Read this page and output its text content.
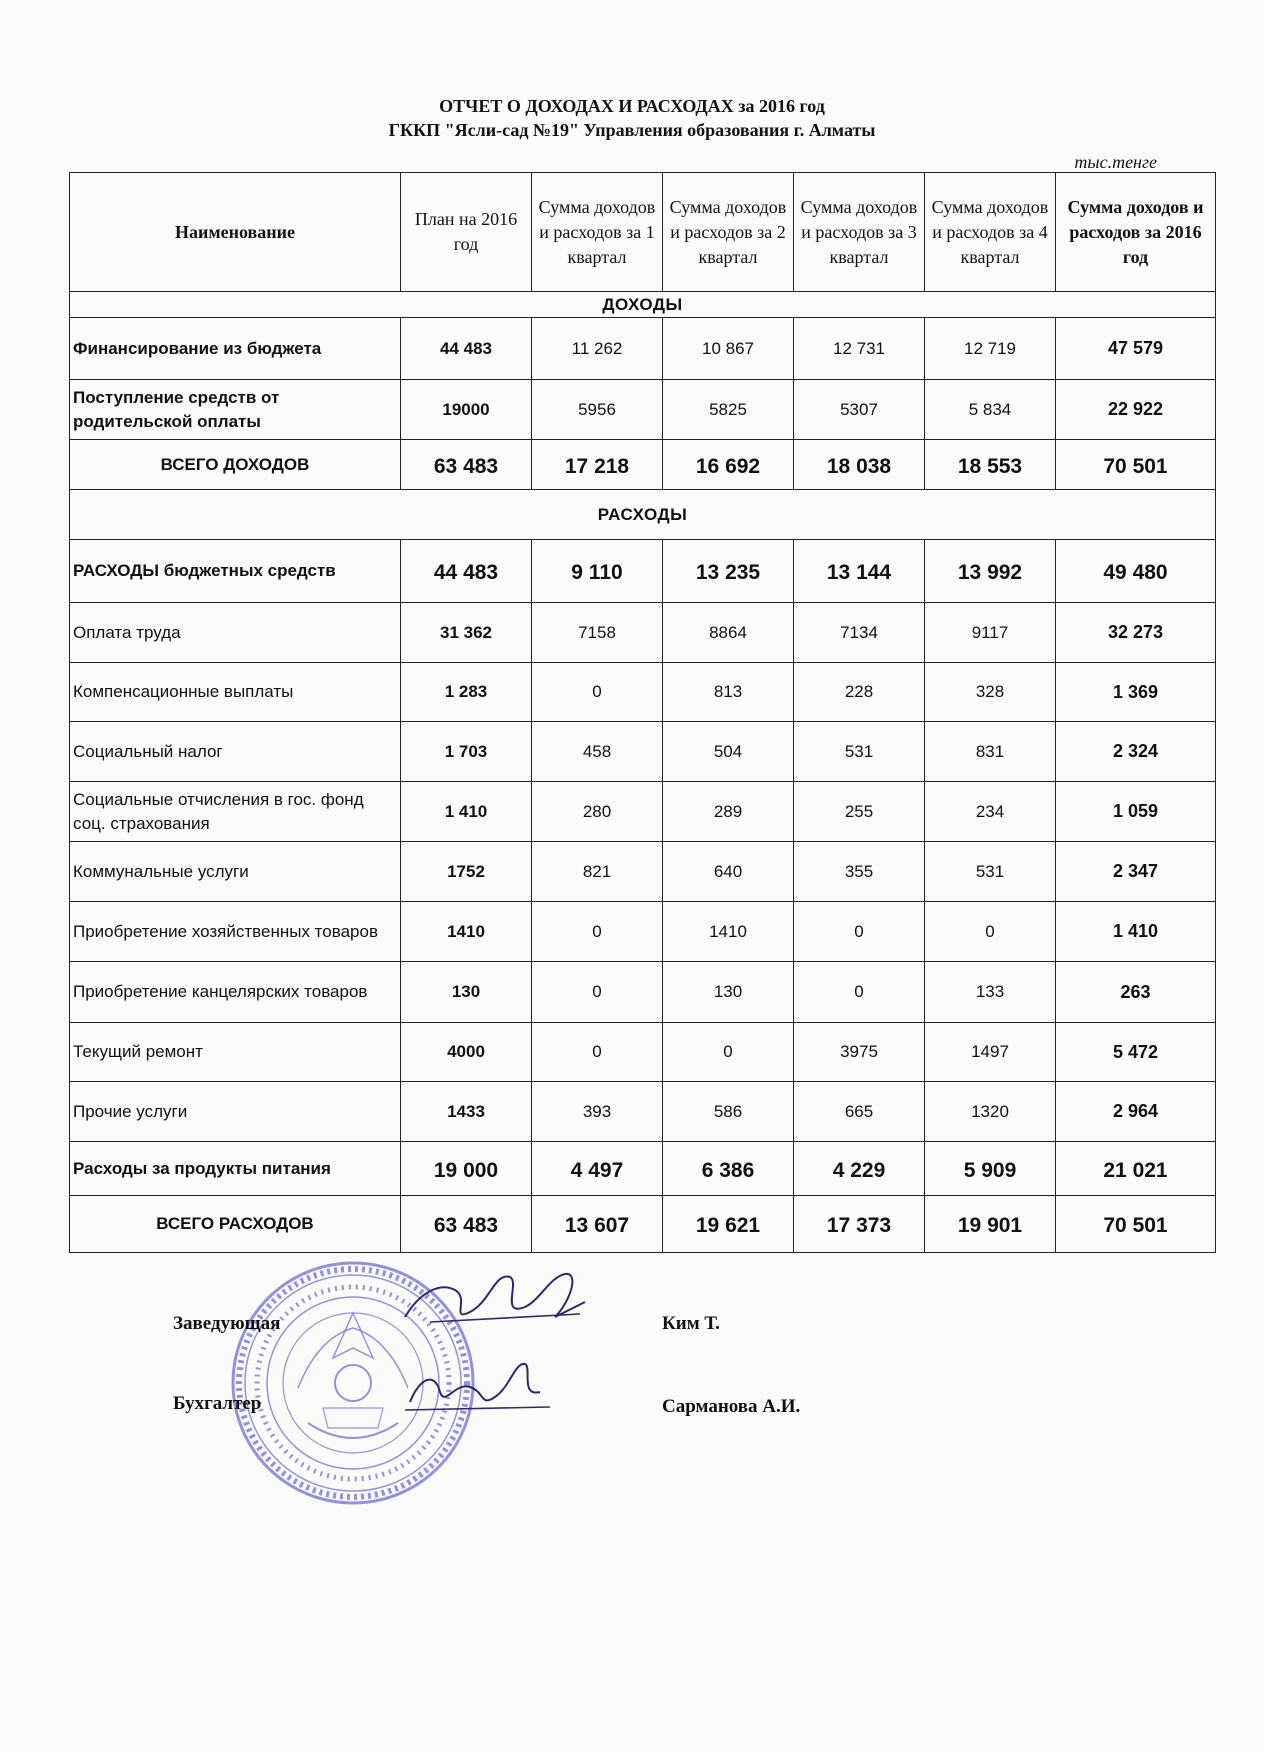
ОТЧЕТ О ДОХОДАХ И РАСХОДАХ за 2016 год
ГККП "Ясли-сад №19" Управления образования г. Алматы
тыс.тенге
Наименование	План на 2016 год	Сумма доходов и расходов за 1 квартал	Сумма доходов и расходов за 2 квартал	Сумма доходов и расходов за 3 квартал	Сумма доходов и расходов за 4 квартал	Сумма доходов и расходов за 2016 год
ДОХОДЫ						
Финансирование из бюджета	44 483	11 262	10 867	12 731	12 719	47 579
Поступление средств от родительской оплаты	19000	5956	5825	5307	5 834	22 922
ВСЕГО ДОХОДОВ	63 483	17 218	16 692	18 038	18 553	70 501
РАСХОДЫ						
РАСХОДЫ бюджетных средств	44 483	9 110	13 235	13 144	13 992	49 480
Оплата труда	31 362	7158	8864	7134	9117	32 273
Компенсационные выплаты	1 283	0	813	228	328	1 369
Социальный налог	1 703	458	504	531	831	2 324
Социальные отчисления в гос. фонд соц. страхования	1 410	280	289	255	234	1 059
Коммунальные услуги	1752	821	640	355	531	2 347
Приобретение хозяйственных товаров	1410	0	1410	0	0	1 410
Приобретение канцелярских товаров	130	0	130	0	133	263
Текущий ремонт	4000	0	0	3975	1497	5 472
Прочие услуги	1433	393	586	665	1320	2 964
Расходы за продукты питания	19 000	4 497	6 386	4 229	5 909	21 021
ВСЕГО РАСХОДОВ	63 483	13 607	19 621	17 373	19 901	70 501
Заведующая	Ким Т.
Бухгалтер	Сарманова А.И.
